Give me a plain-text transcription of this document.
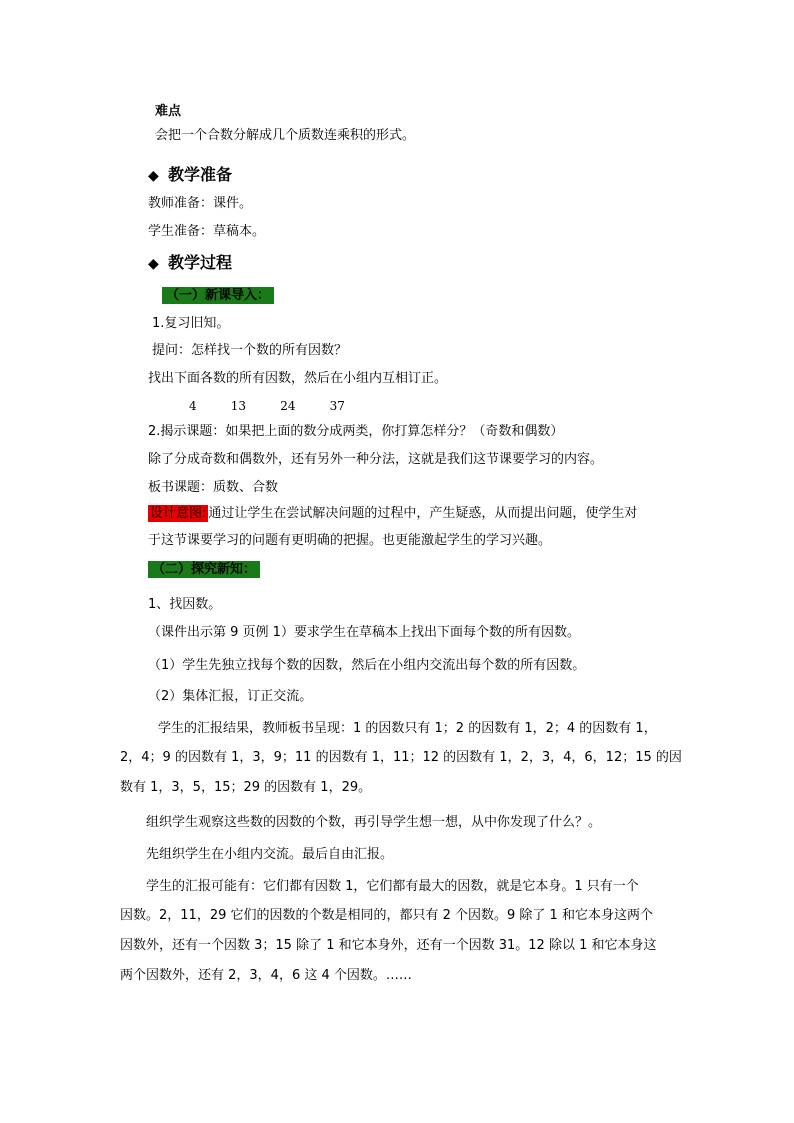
难点
会把一个合数分解成几个质数连乘积的形式。
◆ 教学准备
教师准备：课件。
学生准备：草稿本。
◆ 教学过程
（一）新课导入：
1.复习旧知。
提问：怎样找一个数的所有因数？
找出下面各数的所有因数，然后在小组内互相订正。
4	13	24	37
2.揭示课题：如果把上面的数分成两类，你打算怎样分？（奇数和偶数）
除了分成奇数和偶数外，还有另外一种分法，这就是我们这节课要学习的内容。
板书课题：质数、合数
设计意图: 通过让学生在尝试解决问题的过程中，产生疑惑，从而提出问题，使学生对
于这节课要学习的问题有更明确的把握。也更能激起学生的学习兴趣。
（二）探究新知：
1、找因数。
（课件出示第 9 页例 1）要求学生在草稿本上找出下面每个数的所有因数。
（1）学生先独立找每个数的因数，然后在小组内交流出每个数的所有因数。
（2）集体汇报，订正交流。
学生的汇报结果，教师板书呈现：1 的因数只有 1；2 的因数有 1，2；4 的因数有 1，
2，4；9 的因数有 1，3，9；11 的因数有 1，11；12 的因数有 1，2，3，4，6，12；15 的因
数有 1，3，5，15；29 的因数有 1，29。
组织学生观察这些数的因数的个数，再引导学生想一想，从中你发现了什么？。
先组织学生在小组内交流。最后自由汇报。
学生的汇报可能有：它们都有因数 1，它们都有最大的因数，就是它本身。1 只有一个
因数。2，11，29 它们的因数的个数是相同的，都只有 2 个因数。9 除了 1 和它本身这两个
因数外，还有一个因数 3；15 除了 1 和它本身外，还有一个因数 31。12 除以 1 和它本身这
两个因数外，还有 2，3，4，6 这 4 个因数。……
